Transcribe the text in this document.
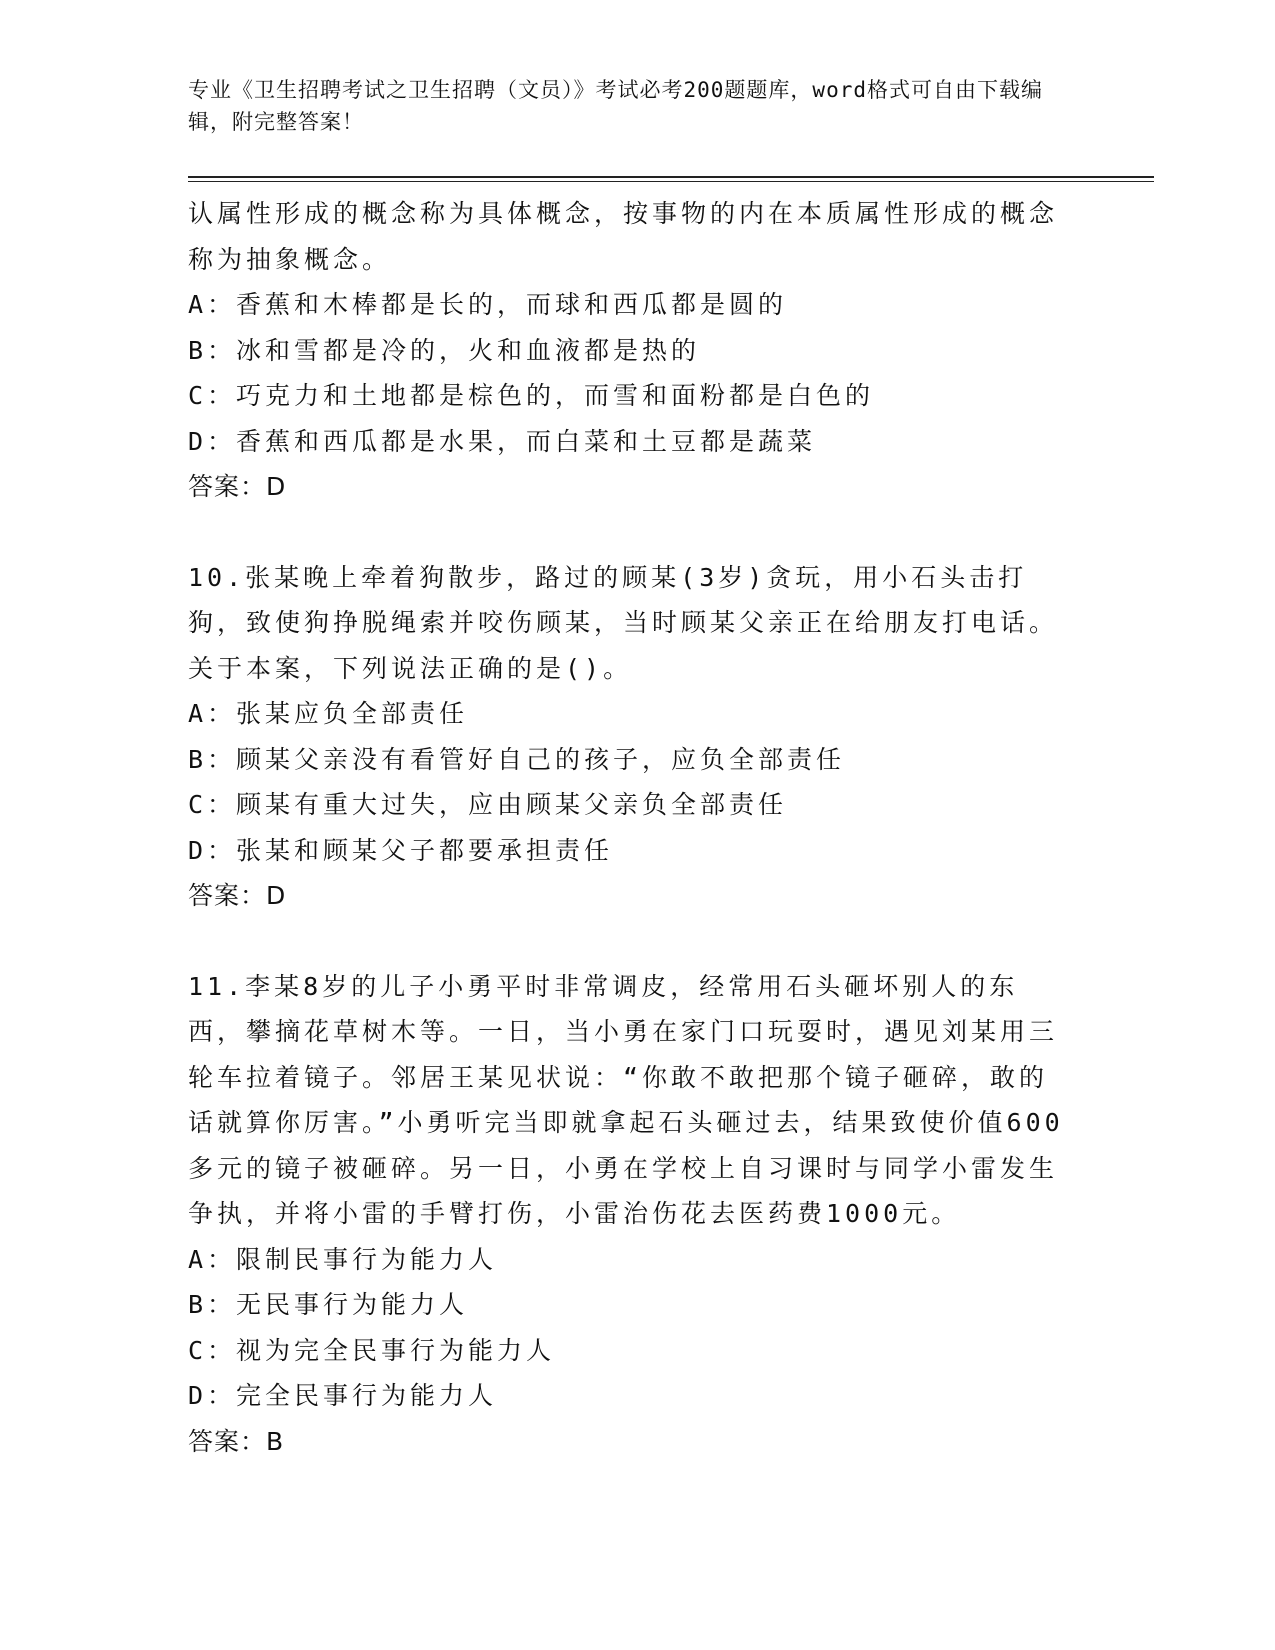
专业《卫生招聘考试之卫生招聘（文员）》考试必考200题题库，word格式可自由下载编辑，附完整答案！

认属性形成的概念称为具体概念，按事物的内在本质属性形成的概念称为抽象概念。

A：香蕉和木棒都是长的，而球和西瓜都是圆的

B：冰和雪都是冷的，火和血液都是热的

C：巧克力和土地都是棕色的，而雪和面粉都是白色的

D：香蕉和西瓜都是水果，而白菜和土豆都是蔬菜

答案：D

10.张某晚上牵着狗散步，路过的顾某(3岁)贪玩，用小石头击打狗，致使狗挣脱绳索并咬伤顾某，当时顾某父亲正在给朋友打电话。关于本案，下列说法正确的是()。

A：张某应负全部责任

B：顾某父亲没有看管好自己的孩子，应负全部责任

C：顾某有重大过失，应由顾某父亲负全部责任

D：张某和顾某父子都要承担责任

答案：D

11.李某8岁的儿子小勇平时非常调皮，经常用石头砸坏别人的东西，攀摘花草树木等。一日，当小勇在家门口玩耍时，遇见刘某用三轮车拉着镜子。邻居王某见状说：“你敢不敢把那个镜子砸碎，敢的话就算你厉害。”小勇听完当即就拿起石头砸过去，结果致使价值600多元的镜子被砸碎。另一日，小勇在学校上自习课时与同学小雷发生争执，并将小雷的手臂打伤，小雷治伤花去医药费1000元。

A：限制民事行为能力人

B：无民事行为能力人

C：视为完全民事行为能力人

D：完全民事行为能力人

答案：B
